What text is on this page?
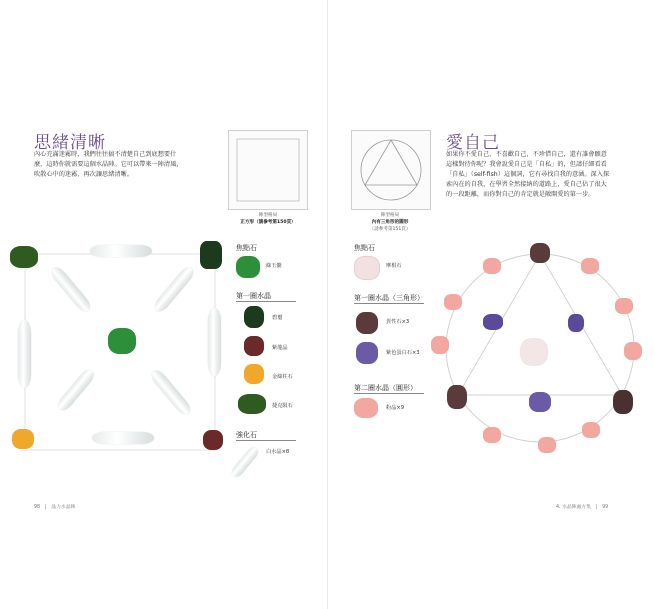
思緒清晰
內心充滿迷霧時，我們往往搞不清楚自己到底想要什
麼，這時你就需要這個水晶陣。它可以帶來一陣清風，
吹散心中的迷霧，再次讓思緒清晰。
陣型格局
正方形（請參考第150頁）
焦點石
綠玉髓
第一圈水晶
碧璽
紫龍晶
金綠柱石
捷克隕石
強化石
白水晶×8
98　|　晶力水晶陣
陣型格局
內有三角形的圓形
（請參考第151頁）
愛自己
如果你不愛自己、不喜歡自己，不珍惜自己，還有誰會願意
這樣對待你呢？我會說愛自己是「自私」的，但請仔細看看
「自私」（self-fish）這個詞，它有尋找自我的意涵。深入探
索內在的自我，在學習全然接納的道路上，愛自己佔了很大
的一段距離，而你對自己的肯定就是敞開愛的第一步。
焦點石
摩根石
第一圈水晶（三角形）
異性石×3
紫色蛋白石×3
第二圈水晶（圓形）
粉晶×9
4. 水晶陣處方集　|　99
